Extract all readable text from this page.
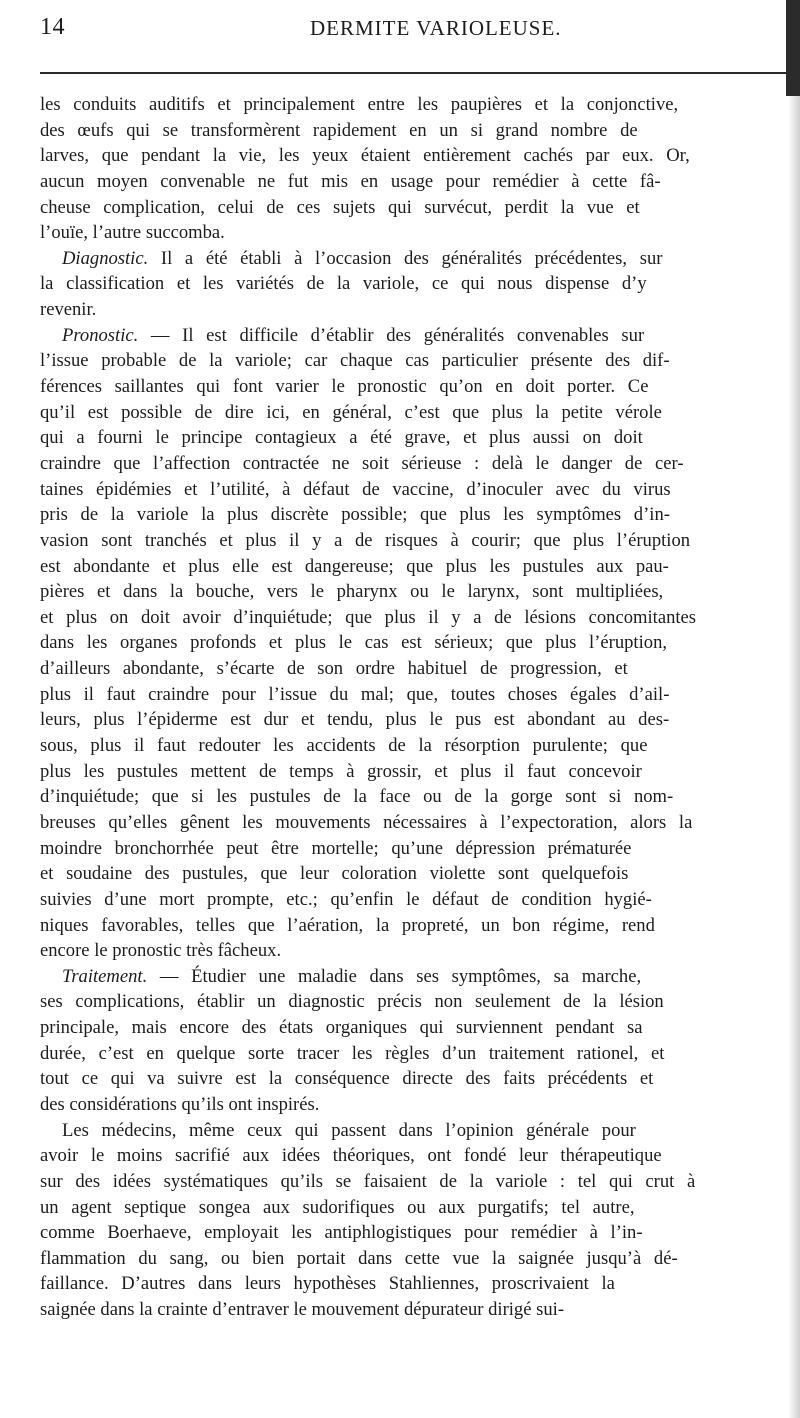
14	DERMITE VARIOLEUSE.
les conduits auditifs et principalement entre les paupières et la conjonctive,
des œufs qui se transformèrent rapidement en un si grand nombre de
larves, que pendant la vie, les yeux étaient entièrement cachés par eux. Or,
aucun moyen convenable ne fut mis en usage pour remédier à cette fâ-
cheuse complication, celui de ces sujets qui survécut, perdit la vue et
l’ouïe, l’autre succomba.
Diagnostic. Il a été établi à l’occasion des généralités précédentes, sur
la classification et les variétés de la variole, ce qui nous dispense d’y
revenir.
Pronostic. — Il est difficile d’établir des généralités convenables sur
l’issue probable de la variole; car chaque cas particulier présente des dif-
férences saillantes qui font varier le pronostic qu’on en doit porter. Ce
qu’il est possible de dire ici, en général, c’est que plus la petite vérole
qui a fourni le principe contagieux a été grave, et plus aussi on doit
craindre que l’affection contractée ne soit sérieuse : delà le danger de cer-
taines épidémies et l’utilité, à défaut de vaccine, d’inoculer avec du virus
pris de la variole la plus discrète possible; que plus les symptômes d’in-
vasion sont tranchés et plus il y a de risques à courir; que plus l’éruption
est abondante et plus elle est dangereuse; que plus les pustules aux pau-
pières et dans la bouche, vers le pharynx ou le larynx, sont multipliées,
et plus on doit avoir d’inquiétude; que plus il y a de lésions concomitantes
dans les organes profonds et plus le cas est sérieux; que plus l’éruption,
d’ailleurs abondante, s’écarte de son ordre habituel de progression, et
plus il faut craindre pour l’issue du mal; que, toutes choses égales d’ail-
leurs, plus l’épiderme est dur et tendu, plus le pus est abondant au des-
sous, plus il faut redouter les accidents de la résorption purulente; que
plus les pustules mettent de temps à grossir, et plus il faut concevoir
d’inquiétude; que si les pustules de la face ou de la gorge sont si nom-
breuses qu’elles gênent les mouvements nécessaires à l’expectoration, alors la
moindre bronchorrhée peut être mortelle; qu’une dépression prématurée
et soudaine des pustules, que leur coloration violette sont quelquefois
suivies d’une mort prompte, etc.; qu’enfin le défaut de condition hygié-
niques favorables, telles que l’aération, la propreté, un bon régime, rend
encore le pronostic très fâcheux.
Traitement. — Étudier une maladie dans ses symptômes, sa marche,
ses complications, établir un diagnostic précis non seulement de la lésion
principale, mais encore des états organiques qui surviennent pendant sa
durée, c’est en quelque sorte tracer les règles d’un traitement rationel, et
tout ce qui va suivre est la conséquence directe des faits précédents et
des considérations qu’ils ont inspirés.
Les médecins, même ceux qui passent dans l’opinion générale pour
avoir le moins sacrifié aux idées théoriques, ont fondé leur thérapeutique
sur des idées systématiques qu’ils se faisaient de la variole : tel qui crut à
un agent septique songea aux sudorifiques ou aux purgatifs; tel autre,
comme Boerhaeve, employait les antiphlogistiques pour remédier à l’in-
flammation du sang, ou bien portait dans cette vue la saignée jusqu’à dé-
faillance. D’autres dans leurs hypothèses Stahliennes, proscrivaient la
saignée dans la crainte d’entraver le mouvement dépurateur dirigé sui-
